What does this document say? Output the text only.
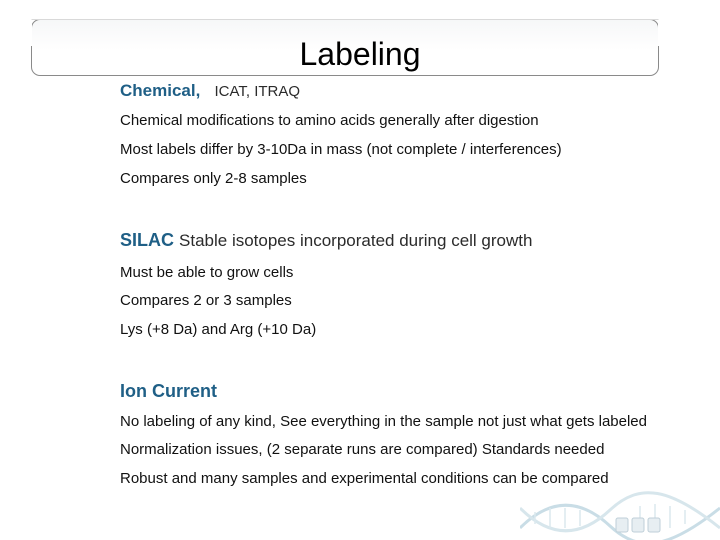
Labeling
Chemical, ICAT, ITRAQ
Chemical modifications to amino acids generally after digestion
Most labels differ by 3-10Da in mass (not complete / interferences)
Compares only 2-8 samples
SILAC Stable isotopes incorporated during cell growth
Must be able to grow cells
Compares 2 or 3 samples
Lys (+8 Da) and Arg (+10 Da)
Ion Current
No labeling of any kind, See everything in the sample not just what gets labeled
Normalization issues, (2 separate runs are compared) Standards needed
Robust and many samples and experimental conditions can be compared
